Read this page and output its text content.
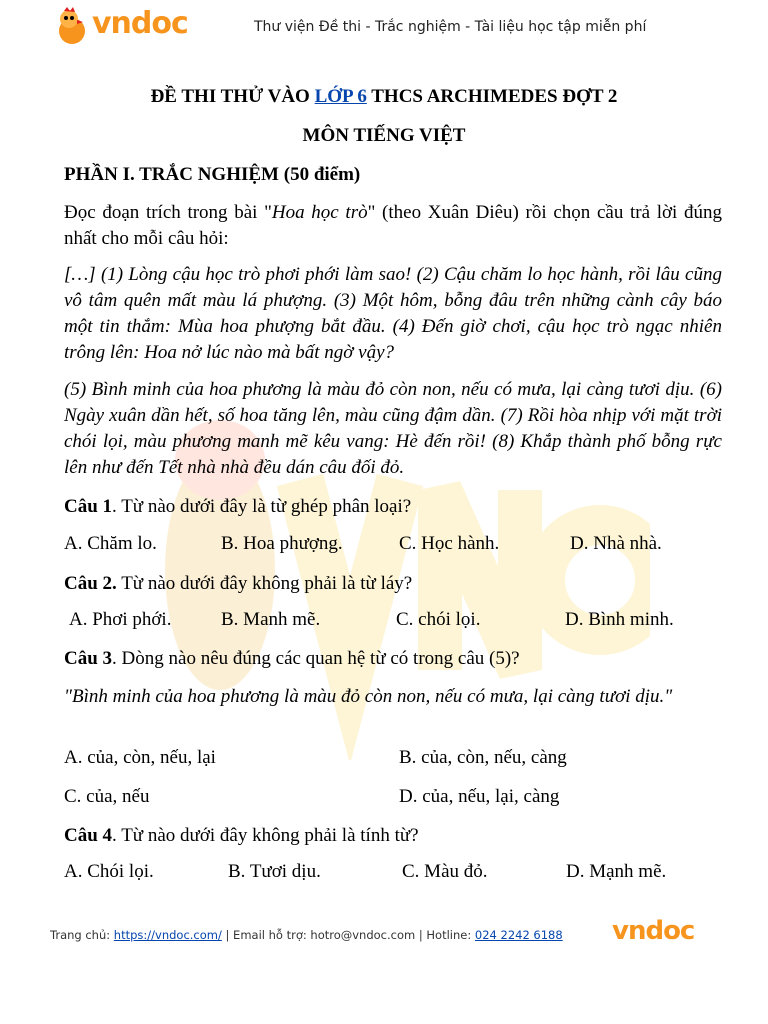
vndoc	Thư viện Đề thi - Trắc nghiệm - Tài liệu học tập miễn phí
ĐỀ THI THỬ VÀO LỚP 6 THCS ARCHIMEDES ĐỢT 2
MÔN TIẾNG VIỆT
PHẦN I. TRẮC NGHIỆM (50 điểm)
Đọc đoạn trích trong bài "Hoa học trò" (theo Xuân Diêu) rồi chọn cầu trả lời đúng nhất cho mỗi câu hỏi:
[…] (1) Lòng cậu học trò phơi phới làm sao! (2) Cậu chăm lo học hành, rồi lâu cũng vô tâm quên mất màu lá phượng. (3) Một hôm, bỗng đâu trên những cành cây báo một tin thắm: Mùa hoa phượng bắt đầu. (4) Đến giờ chơi, cậu học trò ngạc nhiên trông lên: Hoa nở lúc nào mà bất ngờ vậy?
(5) Bình minh của hoa phương là màu đỏ còn non, nếu có mưa, lại càng tươi dịu. (6) Ngày xuân dần hết, số hoa tăng lên, màu cũng đậm dần. (7) Rồi hòa nhịp với mặt trời chói lọi, màu phương manh mẽ kêu vang: Hè đến rồi! (8) Khắp thành phố bỗng rực lên như đến Tết nhà nhà đều dán câu đối đỏ.
Câu 1. Từ nào dưới đây là từ ghép phân loại?
A. Chăm lo.	B. Hoa phượng.	C. Học hành.	D. Nhà nhà.
Câu 2. Từ nào dưới đây không phải là từ láy?
A. Phơi phới.	B. Manh mẽ.	C. chói lọi.	D. Bình minh.
Câu 3. Dòng nào nêu đúng các quan hệ từ có trong câu (5)?
"Bình minh của hoa phương là màu đỏ còn non, nếu có mưa, lại càng tươi dịu."
A. của, còn, nếu, lại	B. của, còn, nếu, càng
C. của, nếu	D. của, nếu, lại, càng
Câu 4. Từ nào dưới đây không phải là tính từ?
A. Chói lọi.	B. Tươi dịu.	C. Màu đỏ.	D. Mạnh mẽ.
Trang chủ: https://vndoc.com/ | Email hỗ trợ: hotro@vndoc.com | Hotline: 024 2242 6188 vndoc
